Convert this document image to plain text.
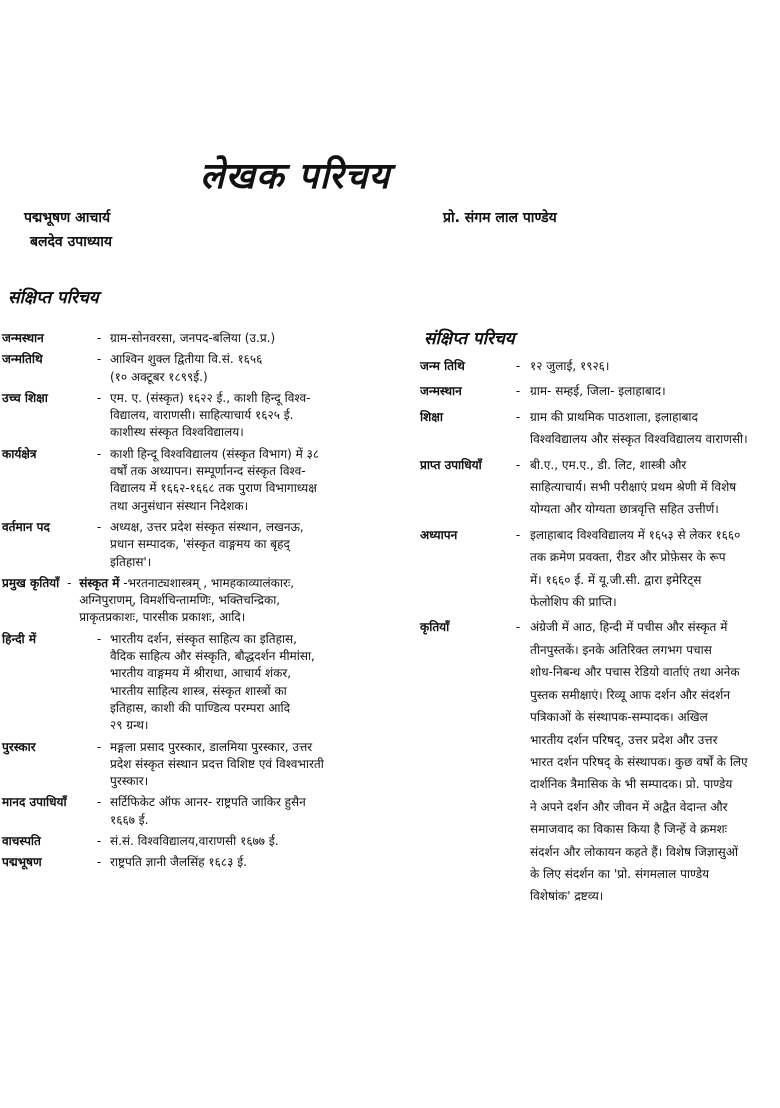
लेखक परिचय
पद्मभूषण आचार्य
बलदेव उपाध्याय
प्रो. संगम लाल पाण्डेय
संक्षिप्त परिचय
संक्षिप्त परिचय
जन्मस्थान	- ग्राम-सोनवरसा, जनपद-बलिया (उ.प्र.)
जन्मतिथि	- आश्विन शुक्ल द्वितीया वि.सं. १६५६
(१० अक्टूबर १८९९ई.)
उच्च शिक्षा	- एम. ए. (संस्कृत) १६२२ ई., काशी हिन्दू विश्व-
विद्यालय, वाराणसी। साहित्याचार्य १६२५ ई.
काशीस्थ संस्कृत विश्वविद्यालय।
कार्यक्षेत्र	- काशी हिन्दू विश्वविद्यालय (संस्कृत विभाग) में ३८
वर्षों तक अध्यापन। सम्पूर्णानन्द संस्कृत विश्व-
विद्यालय में १६६२-१६६८ तक पुराण विभागाध्यक्ष
तथा अनुसंधान संस्थान निदेशक।
वर्तमान पद	- अध्यक्ष, उत्तर प्रदेश संस्कृत संस्थान, लखनऊ,
प्रधान सम्पादक, 'संस्कृत वाङ्गमय का बृहद्
इतिहास'।
प्रमुख कृतियाँ - संस्कृत में -भरतनाट्यशास्त्रम् , भामहकाव्यालंकारः,
अग्निपुराणम्, विमर्शचिन्तामणिः, भक्तिचन्द्रिका,
प्राकृतप्रकाशः, पारसीक प्रकाशः, आदि।
हिन्दी में	- भारतीय दर्शन, संस्कृत साहित्य का इतिहास,
वैदिक साहित्य और संस्कृति, बौद्धदर्शन मीमांसा,
भारतीय वाङ्गमय में श्रीराधा, आचार्य शंकर,
भारतीय साहित्य शास्त्र, संस्कृत शास्त्रों का
इतिहास, काशी की पाण्डित्य परम्परा आदि
२९ ग्रन्थ।
पुरस्कार	- मङ्गला प्रसाद पुरस्कार, डालमिया पुरस्कार, उत्तर
प्रदेश संस्कृत संस्थान प्रदत्त विशिष्ट एवं विश्वभारती
पुरस्कार।
मानद उपाधियाँ	- सर्टिफिकेट ऑफ आनर- राष्ट्रपति जाकिर हुसैन
१६६७ ई.
वाचस्पति	- सं.सं. विश्वविद्यालय,वाराणसी १६७७ ई.
पद्मभूषण	- राष्ट्रपति ज्ञानी जैलसिंह १६८३ ई.
जन्म तिथि	- १२ जुलाई, १९२६।
जन्मस्थान	- ग्राम- सम्हई, जिला- इलाहाबाद।
शिक्षा	- ग्राम की प्राथमिक पाठशाला, इलाहाबाद
विश्वविद्यालय और संस्कृत विश्वविद्यालय वाराणसी।
प्राप्त उपाधियाँ	- बी.ए., एम.ए., डी. लिट, शास्त्री और
साहित्याचार्य। सभी परीक्षाएं प्रथम श्रेणी में विशेष
योग्यता और योग्यता छात्रवृत्ति सहित उत्तीर्ण।
अध्यापन	- इलाहाबाद विश्वविद्यालय में १६५३ से लेकर १६६०
तक क्रमेण प्रवक्ता, रीडर और प्रोफ़ेसर के रूप
में। १६६० ई. में यू.जी.सी. द्वारा इमेरिट्स
फेलोशिप की प्राप्ति।
कृतियाँ	- अंग्रेजी में आठ, हिन्दी में पचीस और संस्कृत में
तीनपुस्तकें। इनके अतिरिक्त लगभग पचास
शोध-निबन्ध और पचास रेडियो वार्ताएं तथा अनेक
पुस्तक समीक्षाएं। रिव्यू आफ दर्शन और संदर्शन
पत्रिकाओं के संस्थापक-सम्पादक। अखिल
भारतीय दर्शन परिषद्, उत्तर प्रदेश और उत्तर
भारत दर्शन परिषद् के संस्थापक। कुछ वर्षों के लिए
दार्शनिक त्रैमासिक के भी सम्पादक। प्रो. पाण्डेय
ने अपने दर्शन और जीवन में अद्वैत वेदान्त और
समाजवाद का विकास किया है जिन्हें वे क्रमशः
संदर्शन और लोकायन कहते हैं। विशेष जिज्ञासुओं
के लिए संदर्शन का 'प्रो. संगमलाल पाण्डेय
विशेषांक' द्रष्टव्य।
